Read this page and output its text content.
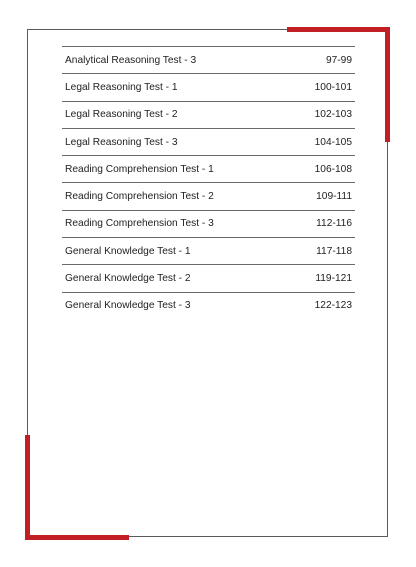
Analytical Reasoning Test - 3	97-99
Legal Reasoning Test - 1	100-101
Legal Reasoning Test - 2	102-103
Legal Reasoning Test - 3	104-105
Reading Comprehension Test - 1	106-108
Reading Comprehension Test - 2	109-111
Reading Comprehension Test - 3	112-116
General Knowledge Test - 1	117-118
General Knowledge Test - 2	119-121
General Knowledge Test - 3	122-123
